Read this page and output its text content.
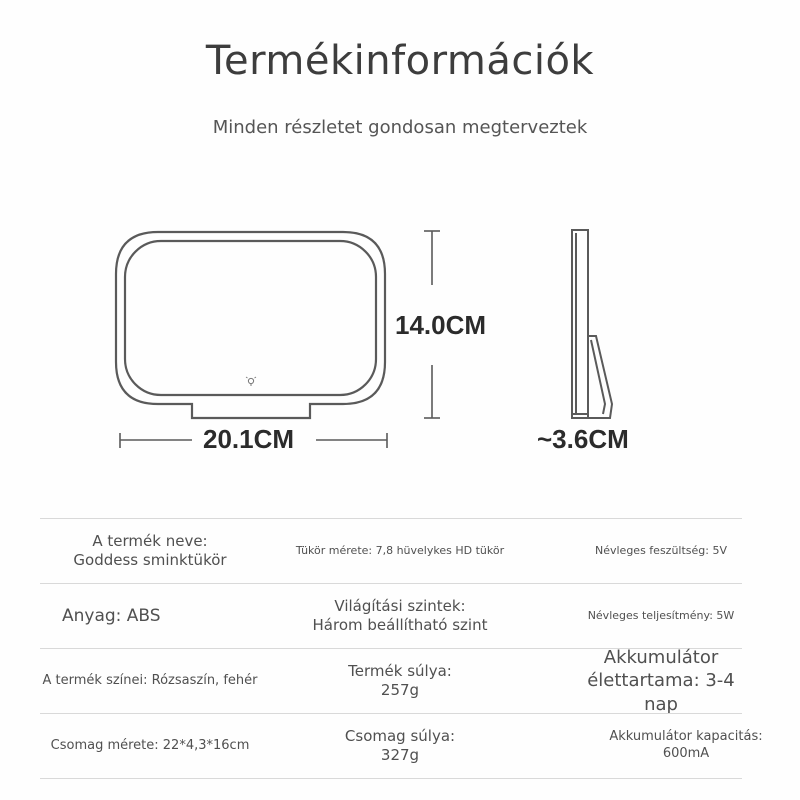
Termékinformációk
Minden részletet gondosan megterveztek
20.1CM
14.0CM
~3.6CM
A termék neve: Goddess sminktükör
Tükör mérete: 7,8 hüvelykes HD tükör	Névleges feszültség: 5V
Anyag: ABS
Világítási szintek: Három beállítható szint
Névleges teljesítmény: 5W
A termék színei: Rózsaszín, fehér
Termék súlya: 257g
Akkumulátor élettartama: 3-4 nap
Csomag mérete: 22*4,3*16cm
Csomag súlya: 327g
Akkumulátor kapacitás: 600mA
